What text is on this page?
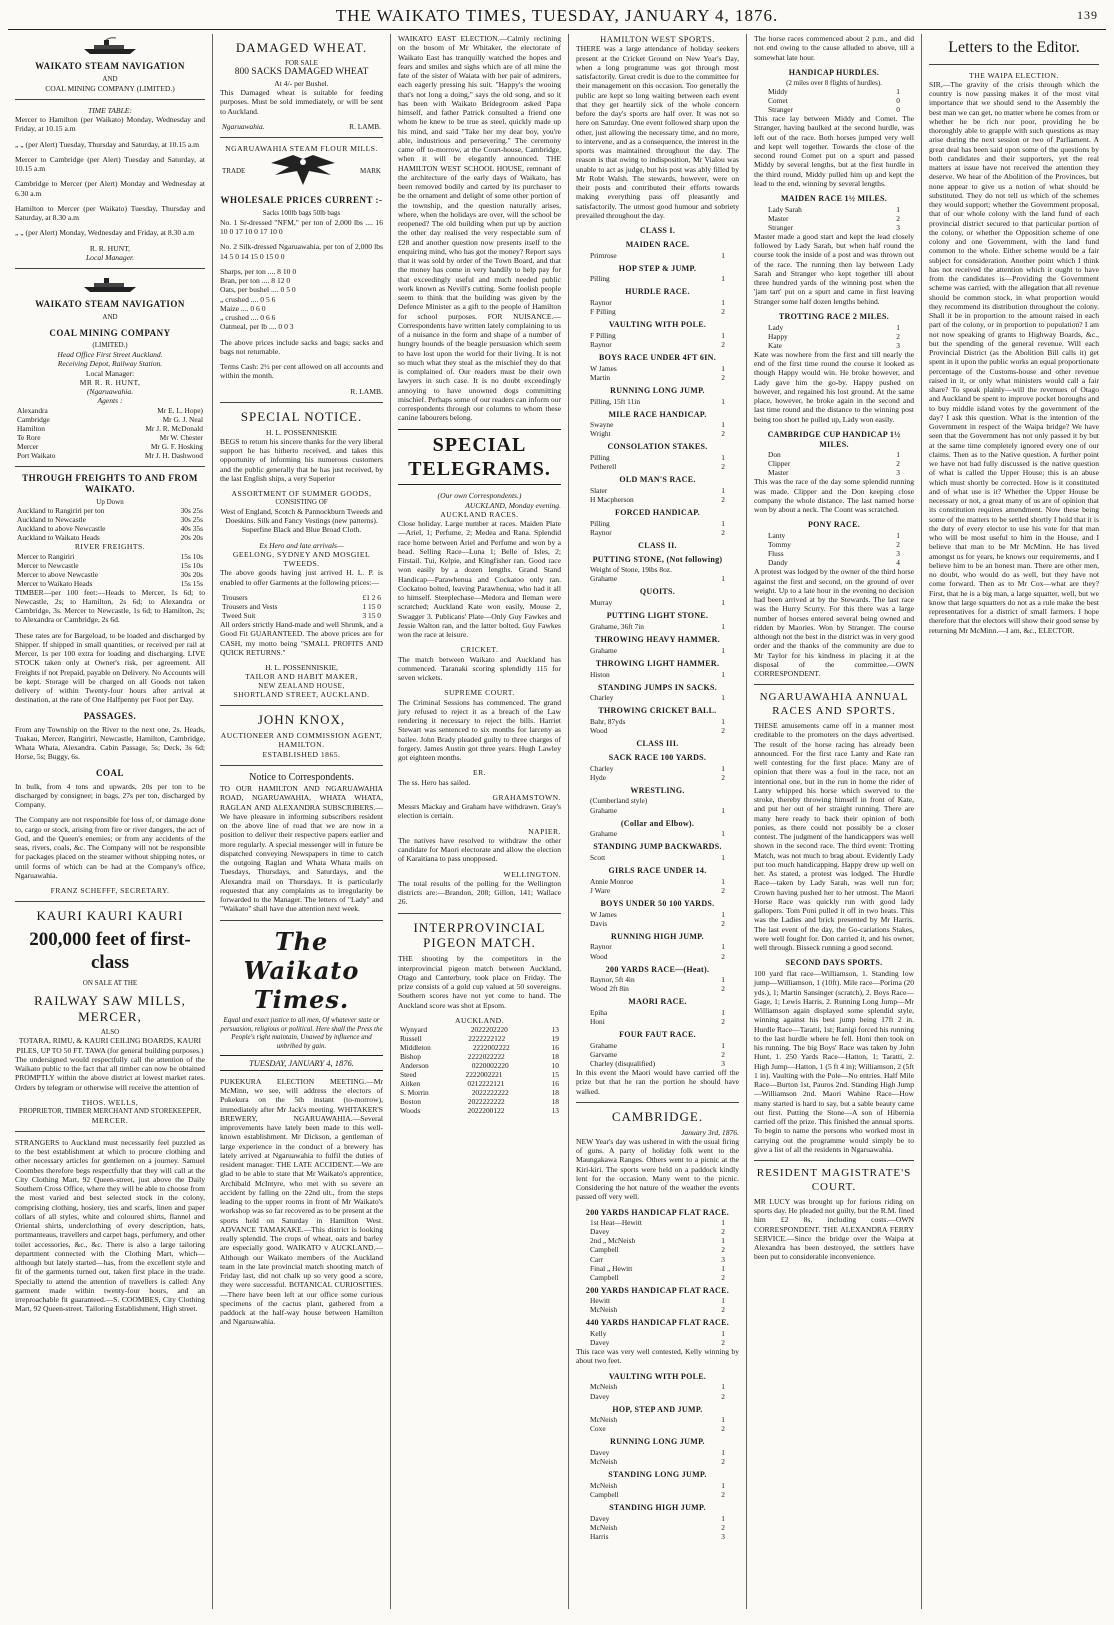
THE WAIKATO TIMES, TUESDAY, JANUARY 4, 1876.	139
WAIKATO STEAM NAVIGATION
AND
COAL MINING COMPANY (LIMITED.)
TIME TABLE:
Mercer to Hamilton (per Waikato) Monday, Wednesday and Friday, at 10.15 a.m
„ „ (per Alert) Tuesday, Thursday and Saturday, at 10.15 a.m
Mercer to Cambridge (per Alert) Tuesday and Saturday, at 10.15 a.m
Cambridge to Mercer (per Alert) Monday and Wednesday at 6.30 a.m
Hamilton to Mercer (per Waikato) Tuesday, Thursday and Saturday, at 8.30 a.m
„ „ (per Alert) Monday, Wednesday and Friday, at 8.30 a.m
R. R. HUNT,
Local Manager.
WAIKATO STEAM NAVIGATION
AND
COAL MINING COMPANY
(LIMITED.)
Head Office First Street Auckland.
Receiving Depot, Railway Station.
Local Manager:
MR R. R. HUNT,
(Ngaruawahia.
Agents :
Alexandra	Mr E. L. Hope)
Cambridge	Mr G. J. Neal
Hamilton	Mr J. R. McDonald
Te Rore	Mr W. Chester
Mercer	Mr G. F. Hosking
Port Waikato	Mr J. H. Dashwood
THROUGH FREIGHTS TO AND FROM WAIKATO.
Up Down
Auckland to Rangiriri per ton	30s 25s
Auckland to Newcastle	30s 25s
Auckland to above Newcastle	40s 35s
Auckland to Waikato Heads	20s 20s
RIVER FREIGHTS.
Mercer to Rangiriri	15s 10s
Mercer to Newcastle	15s 10s
Mercer to above Newcastle	30s 20s
Mercer to Waikato Heads	15s 15s
TIMBER—per 100 feet:—Heads to Mercer, 1s 6d; to Newcastle, 2s; to Hamilton, 2s 6d; to Alexandra or Cambridge, 3s. Mercer to Newcastle, 1s 6d; to Hamilton, 2s; to Alexandra or Cambridge, 2s 6d.
These rates are for Bargeload, to be loaded and discharged by Shipper. If shipped in small quantities, or received per rail at Mercer, 1s per 100 extra for loading and discharging. LIVE STOCK taken only at Owner's risk, per agreement. All Freights if not Prepaid, payable on Delivery. No Accounts will be kept. Storage will be charged on all Goods not taken delivery of within Twenty-four hours after arrival at destination, at the rate of One Halfpenny per Foot per Day.
PASSAGES.
From any Township on the River to the next one, 2s. Heads, Tuakau, Mercer, Rangiriri, Newcastle, Hamilton, Cambridge, Whata Whata, Alexandra. Cabin Passage, 5s; Deck, 3s 6d; Horse, 5s; Buggy, 6s.
COAL
In bulk, from 4 tons and upwards, 20s per ton to be discharged by consignee; in bags, 27s per ton, discharged by Company.
The Company are not responsible for loss of, or damage done to, cargo or stock, arising from fire or river dangers, the act of God, and the Queen's enemies; or from any accidents of the seas, rivers, coals, &c. The Company will not be responsible for packages placed on the steamer without shipping notes, or until forms of which can be had at the Company's office, Ngaruawahia.
FRANZ SCHEFFF, SECRETARY.
KAURI KAURI KAURI
200,000 feet of first-class
ON SALE AT THE
RAILWAY SAW MILLS, MERCER,
ALSO
TOTARA, RIMU, & KAURI CEILING BOARDS, KAURI PILES, UP TO 50 FT. TAWA (for general building purposes.)
The undersigned would respectfully call the attention of the Waikato public to the fact that all timber can now be obtained PROMPTLY within the above district at lowest market rates. Orders by telegram or otherwise will receive the attention of
THOS. WELLS,
PROPRIETOR, TIMBER MERCHANT AND STOREKEEPER,
MERCER.
STRANGERS to Auckland must necessarily feel puzzled as to the best establishment at which to procure clothing and other necessary articles for gentlemen on a journey. Samuel Coombes therefore begs respectfully that they will call at the City Clothing Mart, 92 Queen-street, just above the Daily Southern Cross Office, where they will be able to choose from the most varied and best selected stock in the colony, comprising clothing, hosiery, ties and scarfs, linen and paper collars of all styles, white and coloured shirts, flannel and Oriental shirts, underclothing of every description, hats, portmanteaus, travellers and carpet bags, perfumery, and other toilet accessories, &c., &c. There is also a large tailoring department connected with the Clothing Mart, which—although but lately started—has, from the excellent style and fit of the garments turned out, taken first place in the trade. Specially to attend the attention of travellers is called: Any garment made within twenty-four hours, and an irreproachable fit guaranteed.—S. COOMBES, City Clothing Mart, 92 Queen-street. Tailoring Establishment, High street.
DAMAGED WHEAT.
FOR SALE
800 SACKS DAMAGED WHEAT
At 4/- per Bushel.
This Damaged wheat is suitable for feeding purposes. Must be sold immediately, or will be sent to Auckland.
Ngaruawahia.	R. LAMB.
NGARUAWAHIA STEAM FLOUR MILLS.
TRADE	MARK
WHOLESALE PRICES CURRENT :-
Sacks 100lb bags 50lb bags
No. 1 Sr-dressed "NFM," per ton of 2,000 lbs .... 16 10 0 17 10 0 17 10 0
No. 2 Silk-dressed Ngaruawahia, per ton of 2,000 lbs 14 5 0 14 15 0 15 0 0
Sharps, per ton .... 8 10 0
Bran, per ton .... 8 12 0
Oats, per bushel .... 0 5 0
„ crushed .... 0 5 6
Maize .... 0 6 0
„ crushed .... 0 6 6
Oatmeal, per lb .... 0 0 3
The above prices include sacks and bags; sacks and bags not returnable.
Terms Cash: 2½ per cent allowed on all accounts and within the month.
R. LAMB.
SPECIAL NOTICE.
H. L. POSSENNISKIE
BEGS to return his sincere thanks for the very liberal support he has hitherto received, and takes this opportunity of informing his numerous customers and the public generally that he has just received, by the last English ships, a very Superior
ASSORTMENT OF SUMMER GOODS,
CONSISTING OF
West of England, Scotch & Pannockburn Tweeds and Doeskins. Silk and Fancy Vestings (new patterns). Superfine Black and Blue Broad Cloth.
Ex Hero and late arrivals—
GEELONG, SYDNEY AND MOSGIEL TWEEDS.
The above goods having just arrived H. L. P. is enabled to offer Garments at the following prices:—
Trousers	£1 2 6
Trousers and Vests	1 15 0
Tweed Suit	3 15 0
All orders strictly Hand-made and well Shrunk, and a Good Fit GUARANTEED. The above prices are for CASH, my motto being "SMALL PROFITS AND QUICK RETURNS."
H. L. POSSENNISKIE,
TAILOR AND HABIT MAKER,
NEW ZEALAND HOUSE,
SHORTLAND STREET, AUCKLAND.
JOHN KNOX,
AUCTIONEER AND COMMISSION AGENT,
HAMILTON.
ESTABLISHED 1865.
Notice to Correspondents.
TO OUR HAMILTON AND NGARUAWAHIA ROAD, NGARUAWAHIA, WHATA WHATA, RAGLAN AND ALEXANDRA SUBSCRIBERS.—We have pleasure in informing subscribers resident on the above line of road that we are now in a position to deliver their respective papers earlier and more regularly. A special messenger will in future be dispatched conveying Newspapers in time to catch the outgoing Raglan and Whata Whata mails on Tuesdays, Thursdays, and Saturdays, and the Alexandra mail on Thursdays. It is particularly requested that any complaints as to irregularity be forwarded to the Manager. The letters of "Lady" and "Waikato" shall have due attention next week.
The Waikato Times.
Equal and exact justice to all men, Of whatever state or persuasion, religious or political. Here shall the Press the People's right maintain, Unawed by influence and unbribed by gain.
TUESDAY, JANUARY 4, 1876.
PUKEKURA ELECTION MEETING.—Mr McMinn, we see, will address the electors of Pukekura on the 5th instant (to-morrow), immediately after Mr Jack's meeting. WHITAKER'S BREWERY, NGARUAWAHIA.—Several improvements have lately been made to this well-known establishment. Mr Dickson, a gentleman of large experience in the conduct of a brewery has lately arrived at Ngaruawahia to fulfil the duties of resident manager. THE LATE ACCIDENT.—We are glad to be able to state that Mr Waikato's apprentice, Archibald McIntyre, who met with so severe an accident by falling on the 22nd ult., from the steps leading to the upper rooms in front of Mr Waikato's workshop was so far recovered as to be present at the sports held on Saturday in Hamilton West. ADVANCE TAMAKAKE.—This district is looking really splendid. The crops of wheat, oats and barley are especially good. WAIKATO v AUCKLAND.—Although our Waikato members of the Auckland team in the late provincial match shooting match of Friday last, did not chalk up so very good a score, they were successful. BOTANICAL CURIOSITIES.—There have been left at our office some curious specimens of the cactus plant, gathered from a paddock at the half-way house between Hamilton and Ngaruawahia.
WAIKATO EAST ELECTION.—Calmly reclining on the bosom of Mr Whitaker, the electorate of Waikato East has tranquilly watched the hopes and fears and smiles and sighs which are of all mine the fate of the sister of Waiata with her pair of admirers, each eagerly pressing his suit. "Happy's the wooing that's not long a doing," says the old song, and so it has been with Waikato Bridegroom asked Papa himself, and father Patrick consulted a friend one whom he knew to be true as steel, quickly made up his mind, and said "Take her my dear boy, you're able, industrious and persevering." The ceremony came off to-morrow, at the Court-house, Cambridge, when it will be elegantly announced. THE HAMILTON WEST SCHOOL HOUSE, remnant of the architecture of the early days of Waikato, has been removed bodily and carted by its purchaser to be the ornament and delight of some other portion of the township, and the question naturally arises, where, when the holidays are over, will the school be reopened? The old building when put up by auction the other day realised the very respectable sum of £28 and another question now presents itself to the enquiring mind, who has got the money? Report says that it was sold by order of the Town Board, and that the money has come in very handily to help pay for that exceedingly useful and much needed public work known as Nevill's cutting. Some foolish people seem to think that the building was given by the Defence Minister as a gift to the people of Hamilton for school purposes. FOR NUISANCE.—Correspondents have written lately complaining to us of a nuisance in the form and shape of a number of hungry hounds of the beagle persuasion which seem to have lost upon the world for their living. It is not so much what they steal as the mischief they do that is complained of. Our readers must be their own lawyers in such case. It is no doubt exceedingly annoying to have unowned dogs committing mischief. Perhaps some of our readers can inform our correspondents through our columns to whom these canine labourers belong.
SPECIAL TELEGRAMS.
(Our own Correspondents.)
AUCKLAND, Monday evening.
AUCKLAND RACES.
Close holiday. Large number at races. Maiden Plate—Ariel, 1; Perfume, 2; Medea and Rana. Splendid race home between Ariel and Perfume and won by a head. Selling Race—Luna 1; Belle of Isles, 2; Firstail. Tui, Kelpie, and Kingfisher ran. Good race won easily by a dozen lengths. Grand Stand Handicap—Parawhenua and Cockatoo only ran. Cockatoo bolted, leaving Parawhenua, who had it all to himself. Steeplechase—Medora and Ileman were scratched; Auckland Kate won easily, Mouse 2, Swagger 3. Publicans' Plate—Only Guy Fawkes and Jessie Walton ran, and the latter bolted, Guy Fawkes won the race at leisure.
CRICKET.
The match between Waikato and Auckland has commenced. Taranaki scoring splendidly 115 for seven wickets.
SUPREME COURT.
The Criminal Sessions has commenced. The grand jury refused to reject it as a breach of the Law rendering it necessary to reject the bills. Harriet Stewart was sentenced to six months for larceny as bailee. John Brady pleaded guilty to three charges of forgery. James Austin got three years. Hugh Lawley got eighteen months.
ER.
The ss. Hero has sailed.
GRAHAMSTOWN.
Messrs Mackay and Graham have withdrawn. Gray's election is certain.
NAPIER.
The natives have resolved to withdraw the other candidate for Maori electorate and allow the election of Karaitiana to pass unopposed.
WELLINGTON.
The total results of the polling for the Wellington districts are:—Brandon, 208; Gillon, 141; Wallace 26.
INTERPROVINCIAL PIGEON MATCH.
THE shooting by the competitors in the interprovincial pigeon match between Auckland, Otago and Canterbury, took place on Friday. The prize consists of a gold cup valued at 50 sovereigns. Southern scores have not yet come to hand. The Auckland score was shot at Epsom.
AUCKLAND.
Wynyard	2022202220	13
Russell	2222222122	19
Middleton	2222002222	16
Bishop	2222022222	18
Anderson	0220002220	10
Steed	2222002221	15
Aitken	0212222121	16
S. Morrin	2022222222	18
Boston	2022222222	18
Woods	2022200122	13
HAMILTON WEST SPORTS.
THERE was a large attendance of holiday seekers present at the Cricket Ground on New Year's Day, when a long programme was got through most satisfactorily. Great credit is due to the committee for their management on this occasion. Too generally the public are kept so long waiting between each event that they get heartily sick of the whole concern before the day's sports are half over. It was not so here on Saturday. One event followed sharp upon the other, just allowing the necessary time, and no more, to intervene, and as a consequence, the interest in the sports was maintained throughout the day. The reason is that owing to indisposition, Mr Vialou was unable to act as judge, but his post was ably filled by Mr Robt Walsh. The stewards, however, were on their posts and contributed their efforts towards making everything pass off pleasantly and satisfactorily. The utmost good humour and sobriety prevailed throughout the day.
CLASS I.
MAIDEN RACE.
Primrose	1
HOP STEP & JUMP.
Pilling	1
HURDLE RACE.
Raynor	1
F Pilling	2
VAULTING WITH POLE.
F Pilling	1
Raynor	2
BOYS RACE UNDER 4FT 6IN.
W James	1
Martin	2
RUNNING LONG JUMP.
Pilling, 15ft 11in	1
MILE RACE HANDICAP.
Swayne	1
Wright	2
CONSOLATION STAKES.
Pilling	1
Petherell	2
OLD MAN'S RACE.
Slater	1
H Macpherson	2
FORCED HANDICAP.
Pilling	1
Raynor	2
CLASS II.
PUTTING STONE, (Not following)
Weight of Stone, 19lbs 8oz.
Grahame	1
QUOITS.
Murray	1
PUTTING LIGHT STONE.
Grahame, 36ft 7in	1
THROWING HEAVY HAMMER.
Grahame	1
THROWING LIGHT HAMMER.
Histon	1
STANDING JUMPS IN SACKS.
Charley	1
THROWING CRICKET BALL.
Bahr, 87yds	1
Wood	2
CLASS III.
SACK RACE 100 YARDS.
Charley	1
Hyde	2
WRESTLING.
(Cumberland style)
Grahame	1
(Collar and Elbow).
Grahame	1
STANDING JUMP BACKWARDS.
Scott	1
GIRLS RACE UNDER 14.
Annie Monroe	1
J Ware	2
BOYS UNDER 50 100 YARDS.
W James	1
Davis	2
RUNNING HIGH JUMP.
Raynor	1
Wood	2
200 YARDS RACE—(Heat).
Raynor, 5ft 4in	1
Wood 2ft 8in	2
MAORI RACE.
Epiha	1
Honi	2
FOUR FAUT RACE.
Grahame	1
Garvame	2
Charley (disqualified)	3
In this event the Maori would have carried off the prize but that he ran the portion he should have walked.
CAMBRIDGE.
January 3rd, 1876.
NEW Year's day was ushered in with the usual firing of guns. A party of holiday folk went to the Maungakawa Ranges. Others went to a picnic at the Kiri-kiri. The sports were held on a paddock kindly lent for the occasion. Many went to the picnic. Considering the hot nature of the weather the events passed off very well.
200 YARDS HANDICAP FLAT RACE.
1st Heat—Hewitt	1
Davey	2
2nd „ McNeish	1
Campbell	2
Carr	3
Final „ Hewitt	1
Campbell	2
200 YARDS HANDICAP FLAT RACE.
Hewitt	1
McNeish	2
440 YARDS HANDICAP FLAT RACE.
Kelly	1
Davey	2
This race was very well contested, Kelly winning by about two feet.
VAULTING WITH POLE.
McNeish	1
Davey	2
HOP, STEP AND JUMP.
McNeish	1
Coxe	2
RUNNING LONG JUMP.
Davey	1
McNeish	2
STANDING LONG JUMP.
McNeish	1
Campbell	2
STANDING HIGH JUMP.
Davey	1
McNeish	2
Harris	3
The horse races commenced about 2 p.m., and did not end owing to the cause alluded to above, till a somewhat late hour.
HANDICAP HURDLES.
(2 miles over 8 flights of hurdles).
Middy	1
Comet	0
Stranger	0
This race lay between Middy and Comet. The Stranger, having baulked at the second hurdle, was left out of the race. Both horses jumped very well and kept well together. Towards the close of the second round Comet put on a spurt and passed Middy by several lengths, but at the first hurdle in the third round, Middy pulled him up and kept the lead to the end, winning by several lengths.
MAIDEN RACE 1½ MILES.
Lady Sarah	1
Master	2
Stranger	3
Master made a good start and kept the lead closely followed by Lady Sarah, but when half round the course took the inside of a post and was thrown out of the race. The running then lay between Lady Sarah and Stranger who kept together till about three hundred yards of the winning post when the 'jam tart' put on a spurt and came in first leaving Stranger some half dozen lengths behind.
TROTTING RACE 2 MILES.
Lady	1
Happy	2
Kate	3
Kate was nowhere from the first and till nearly the end of the first time round the course it looked as though Happy would win. He broke however, and Lady gave him the go-by. Happy pushed on however, and regained his lost ground. At the same place, however, he broke again in the second and last time round and the distance to the winning post being too short he pulled up, Lady won easily.
CAMBRIDGE CUP HANDICAP 1½ MILES.
Don	1
Clipper	2
Master	3
This was the race of the day some splendid running was made. Clipper and the Don keeping close company the whole distance. The last named horse won by about a neck. The Count was scratched.
PONY RACE.
Lanty	1
Tommy	2
Fluss	3
Dandy	4
A protest was lodged by the owner of the third horse against the first and second, on the ground of over weight. Up to a late hour in the evening no decision had been arrived at by the Stewards. The last race was the Hurry Scurry. For this there was a large number of horses entered several being owned and ridden by Maories. Won by Stranger. The course although not the best in the district was in very good order and the thanks of the community are due to Mr Taylor for his kindness in placing it at the disposal of the committee.—OWN CORRESPONDENT.
NGARUAWAHIA ANNUAL RACES AND SPORTS.
THESE amusements came off in a manner most creditable to the promoters on the days advertised. The result of the horse racing has already been announced. For the first race Lanty and Kate ran well contesting for the first place. Many are of opinion that there was a foul in the race, not an intentional one, but in the run in home the rider of Lanty whipped his horse which swerved to the stroke, thereby throwing himself in front of Kate, and put her out of her straight running. There are many here ready to back their opinion of both ponies, as there could not possibly be a closer contest. The judgment of the handicappers was well shown in the second race. The third event: Trotting Match, was not much to brag about. Evidently Lady put too much handicapping. Happy drew up well on her. As stated, a protest was lodged. The Hurdle Race—taken by Lady Sarah, was well run for; Crown having pushed her to her utmost. The Maori Horse Race was quickly run with good lady gallopers. Tom Poni pulled it off in two heats. This was the Ladies and brick presented by Mr Harris. The last event of the day, the Go-cariations Stakes, were well fought for. Don carried it, and his owner, well through. Bisseck running a good second.
SECOND DAYS SPORTS.
100 yard flat race—Williamson, 1. Standing low jump—Williamson, 1 (10ft). Mile race—Porima (20 yds.), 1; Martin Sansinger (scratch), 2. Boys Race—Gage, 1; Lewis Harris, 2. Running Long Jump—Mr Williamson again displayed some splendid style, winning against his best jump being 17ft 2 in. Hurdle Race—Taratti, 1st; Ranigi forced his running to the last hurdle where he fell. Honi then took on his running. The big Boys' Race was taken by John Hunt, 1. 250 Yards Race—Hatton, 1; Taratti, 2. High Jump—Hatton, 1 (5 ft 4 in); Williamson, 2 (5ft 1 in). Vaulting with the Pole—No entries. Half Mile Race—Burton 1st, Pauros 2nd. Standing High Jump—Williamson 2nd. Maori Wahine Race—How many started is hard to say, but a sable beauty came out first. Putting the Stone—A son of Hibernia carried off the prize. This finished the annual sports. To begin to name the persons who worked most in carrying out the programme would simply be to give a list of all the residents in Ngaruawahia.
RESIDENT MAGISTRATE'S COURT.
MR LUCY was brought up for furious riding on sports day. He pleaded not guilty, but the R.M. fined him £2 8s, including costs.—OWN CORRESPONDENT. THE ALEXANDRA FERRY SERVICE.—Since the bridge over the Waipa at Alexandra has been destroyed, the settlers have been put to considerable inconvenience.
Letters to the Editor.
THE WAIPA ELECTION.
SIR,—The gravity of the crisis through which the country is now passing makes it of the most vital importance that we should send to the Assembly the best man we can get, no matter where he comes from or whether he be rich nor poor, providing he be thoroughly able to grapple with such questions as may arise during the next session or two of Parliament. A great deal has been said upon some of the questions by both candidates and their supporters, yet the real matters at issue have not received the attention they deserve. We hear of the Abolition of the Provinces, but none appear to give us a notion of what should be substituted. They do not tell us which of the schemes they would support; whether the Government proposal, that of our whole colony with the land fund of each provincial district secured to that particular portion of the colony, or whether the Opposition scheme of one colony and one Government, with the land fund common to the whole. Either scheme would be a fair subject for consideration. Another point which I think has not received the attention which it ought to have from the candidates is—Providing the Government scheme was carried, with the allegation that all revenue should be common stock, in what proportion would they recommend its distribution throughout the colony. Shall it be in proportion to the amount raised in each part of the colony, or in proportion to population? I am not now speaking of grants to Highway Boards, &c., but the spending of the general revenue. Will each Provincial District (as the Abolition Bill calls it) get spent in it upon the public works an equal proportionate percentage of the Customs-house and other revenue raised in it, or only what ministers would call a fair share? To speak plainly—will the revenues of Otago and Auckland be spent to improve pocket boroughs and to buy middle island votes by the government of the day? I ask this question. What is the intention of the Government in respect of the Waipa bridge? We have seen that the Government has not only passed it by but at the same time completely ignored every one of our claims. Then as to the Native question. A further point we have not had fully discussed is the native question of what is called the Upper House; this is an abuse which must shortly be corrected. How is it constituted and of what use is it? Whether the Upper House be necessary or not, a great many of us are of opinion that its constitution requires amendment. Now these being some of the matters to be settled shortly I hold that it is the duty of every elector to use his vote for that man who will be most useful to him in the House, and I believe that man to be Mr McMinn. He has lived amongst us for years, he knows our requirements, and I believe him to be an honest man. There are other men, no doubt, who would do as well, but they have not come forward. Then as to Mr Cox—what are they? First, that he is a big man, a large squatter, well, but we know that large squatters do not as a rule make the best representatives for a district of small farmers. I hope therefore that the electors will show their good sense by returning Mr McMinn.—I am, &c., ELECTOR.
